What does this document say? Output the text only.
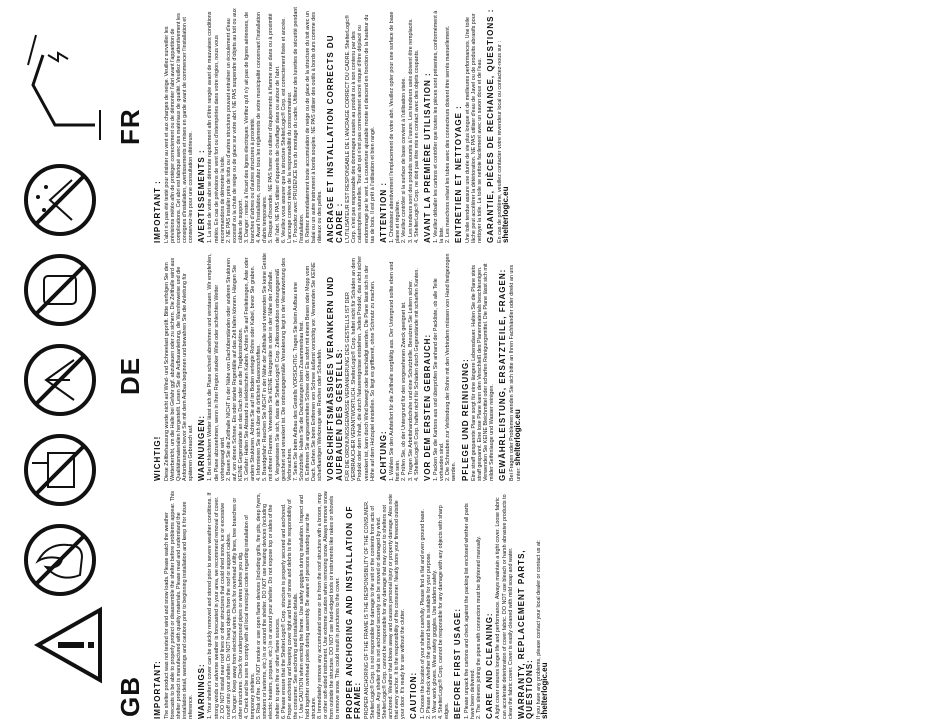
GB
DE
FR
IMPORTANT: The shelter product was not tested for wind and snow loads. Please watch the weather forecasts to be able to properly protect or disassemble the shelter before problems appear. This shelter product is manufactured with quality materials. Please read and understand the installation detail, warnings and cautions prior to beginning installation and keep it for future reference. WARNINGS: 1. Your shelter's cover can be quickly removed and stored prior to severe weather conditions. If strong winds or adverse weather is forecasted in your area, we recommend removal of cover. 2. DO NOT install near roof lines or other structures that could shed snow, ice or excessive runoff onto your shelter. Do NOT hang objects from the roof or support cables. 3. Danger: Keep away from electrical wires. Check for overhead utility lines, tree branches or other structures. Check for underground pipes or wires before you dig. 4. Check and be sure to comply with all local municipal codes regarding installation of temporary shelters. 5. Risk of fire. DO NOT smoke or use open flame devices (including grills, fire pits, deep fryers, smokers or lanterns, etc.) in or around the shelter. DO NOT use heating devices (including electric heaters, propane, etc.) in or around your shelter. Do not expose top or sides of the shelter to open fire or other flame sources. 6. Please ensure that the ShelterLogic® Corp. structure is properly secured and anchored. Proper anchoring and keeping cover tight and free of snow and debris is the responsibility of the consumer. See anchoring and installation details. 7. Use CAUTION when erecting the frame. Use safety goggles during installation. Inspect and hold together overhead poles during assembly. Be aware of persons standing near the structure. 8. Immediately remove any accumulated snow or ice from the roof structure with a broom, mop or other soft-sided instrument. Use extreme caution when removing snow. Always remove snow from outside the structure. DO NOT use hard-edged tools or instruments like rakes or shovels to remove snow. This could result in punctures to the cover. PROPER ANCHORING AND INSTALLATION OF FRAME: PROPER ANCHORING OF THE FRAME IS THE RESPONSIBILITY OF THE CONSUMER. ShelterLogic® Corp. is not responsible for damage to the unit or the contents from acts of nature. Any shelter that is not anchored securely can be moved or damaged by wind. ShelterLogic® Corp. cannot be responsible for any damage that may occur to shelters not anchored. Weather that blows away and causes personal injury or property damage. Also note that every anchor. It is the responsibility of the consumer. Neatly store your firewood outside your door. It's ready for use without the clutter. CAUTION: 1. Choose the location of your shelter carefully. Please find a flat and even ground base. 2. Please check whether the ground base is suitable for your purpose. 3. Wear work gloves. Wear safety goggles. Use ladders safely. 4. ShelterLogic® Corp. cannot be responsible for any damage with any objects with sharp edges. BEFORE FIRST USAGE: 1. Please unpack the cartons and check against the packing list enclosed whether all parts have been delivered. 2. The sleeves joining the pipes with connectors must be tightened manually. CARE AND CLEANING: A light cover ensures longer life and performance. Always maintain a tight cover. Loose fabric can accelerate deterioration of cover fabric. DO NOT use bleach or harsh abrasive products to clean the fabric cover. Cover is easily cleaned with mild soap and water. WARRANTY, REPLACEMENT PARTS, QUESTIONS: If you have any problems, please contact your local dealer or contact us at: shelterlogic.eu

WICHTIG! Diese Zeltbehausung wurde nicht auf Wind- und Schneelast geprüft. Bitte verfolgen Sie den Wetterbericht, um die Halle bei Gefahr ggf. abzubauen oder zu sichern. Die Zelthalle wird aus Qualitätsmaterialien hergestellt. Lesen Sie die Aufbauanleitung, die Warnhinweise und die Anforderungen bevor Sie mit dem Aufbau beginnen und bewahren Sie die Anleitung für späteren Gebrauch auf. WARNUNGEN: 1. Bei schlechtem Wetter lässt sich die Plane schnell abnehmen und verstauen. Wir empfehlen, die Plane abzunehmen, wenn in Ihrer Region starker Wind oder schlechtes Wetter vorhergesagt wird. 2. Bauen Sie die Zelthalle NICHT in der Nähe von Dachüberständen oder anderen Strukturen auf, von denen Schnee, Eis oder starke Regenfälle auf das Zelt fallen können. Hängen Sie KEINE Gegenstände an das Dach oder an die Tragkonstruktion. 3. Gefahr: Halten Sie Abstand zu elektrischen Kabeln. Achten Sie auf Freileitungen, Äste oder andere Strukturen. Achten Sie auf im Boden verlegte Rohre oder Kabel, bevor Sie graben. 4. Informieren Sie sich über die örtlichen Bauvorschriften. 5. Brandgefahr: Rauchen Sie NICHT in der Nähe der Zelthalle und verwenden Sie keine Geräte mit offener Flamme. Verwenden Sie KEINE Heizgeräte in oder in der Nähe der Zelthalle. 6. Vergewissern Sie sich, dass die ShelterLogic® Corp. Zeltkonstruktion ordnungsgemäß gesichert und verankert ist. Die ordnungsgemäße Verankerung liegt in der Verantwortung des Verbrauchers. 7. Seien Sie beim Aufbau des Gestells VORSICHTIG. Tragen Sie beim Aufbau eine Schutzbrille. Halten Sie die Dachstangen beim Zusammenbau fest. 8. Entfernen Sie angesammelten Schnee oder Eis sofort mit einem Besen oder Mopp vom Dach. Gehen Sie beim Entfernen von Schnee äußerst vorsichtig vor. Verwenden Sie KEINE scharfkantigen Werkzeuge wie Rechen oder Schaufeln. VORSCHRIFTSMÄSSIGES VERANKERN UND AUFBAUEN DES GESTELLS: FÜR DIE ORDNUNGSGEMÄSSE VERANKERUNG DES GESTELLS IST DER VERBRAUCHER VERANTWORTLICH. ShelterLogic® Corp. haftet nicht für Schäden an dem Produkt oder dem Inhalt, die durch Naturereignisse entstehen. Jedes Produkt, das nicht sicher verankert ist, kann durch Wind bewegt oder beschädigt werden. Die Plane lässt sich in der Höhe auf dem Holzspiel einstellen. So liegt es griffbereit, ohne Schmutz zu machen. ACHTUNG: 1. Wählen Sie den Aufstellort für die Zelthalle sorgfältig aus. Der Untergrund sollte eben und fest sein. 2. Prüfen Sie, ob der Untergrund für den vorgesehenen Zweck geeignet ist. 3. Tragen Sie Arbeitshandschuhe und eine Schutzbrille. Benutzen Sie Leitern sicher. 4. ShelterLogic® Corp. haftet nicht für Schäden durch Gegenstände mit scharfen Kanten. VOR DEM ERSTEN GEBRAUCH: 1. Packen Sie die Kartons aus und überprüfen Sie anhand der Packliste, ob alle Teile vorhanden sind. 2. Die Schrauben zur Verbindung der Rohre mit den Verbindern müssen von Hand festgezogen werden. PFLEGE UND REINIGUNG: Eine straff gespannte Plane sorgt für eine längere Lebensdauer. Halten Sie die Plane stets straff gespannt. Eine lose Plane kann den Verschleiß des Planenmaterials beschleunigen. Verwenden Sie KEINE Bleichmittel oder scharfen Reinigungsmittel. Die Plane lässt sich mit milder Seifenlauge und Wasser reinigen. GEWÄHRLEISTUNG, ERSATZTEILE, FRAGEN: Bei Fragen oder Problemen wenden Sie sich bitte an Ihren Fachhändler oder direkt an uns unter: shelterlogic.eu

IMPORTANT : L'abri n'a pas été testé pour résister au vent et aux charges de neige. Veuillez surveiller les prévisions météo afin de protéger correctement ou de démonter l'abri avant l'apparition de complications. Cet abri est fabriqué avec des matériaux de qualité. Veuillez lire attentivement les consignes d'installation, avertissements et mises en garde avant de commencer l'installation et conservez-les pour une consultation ultérieure. AVERTISSEMENTS : 1. La toile de votre abri se démonte rapidement afin d'être rangée avant de mauvaises conditions météo. En cas de prévisions de vent fort ou d'intempéries dans votre région, nous vous recommandons de démonter la toile. 2. NE PAS installer près de toits ou d'autres structures pouvant entraîner un écoulement d'eau excessif ou la chute de neige ou de glace sur votre abri. NE PAS suspendre d'objets au toit ou aux câbles de support. 3. Danger : restez à l'écart des lignes électriques. Vérifiez qu'il n'y ait pas de lignes aériennes, de branches d'arbres ou d'autres structures à proximité. 4. Avant l'installation, consultez tous les règlements de votre municipalité concernant l'installation d'abris temporaires. 5. Risque d'incendie. NE PAS fumer ou utiliser d'équipements à flamme nue dans ou à proximité de l'abri. NE PAS utiliser d'appareils de chauffage dans ou autour de l'abri. 6. Veuillez vous assurer que la structure ShelterLogic® Corp. est correctement fixée et ancrée. L'ancrage correct relève de la responsabilité du consommateur. 7. Procédez avec PRUDENCE lors du montage du cadre. Utilisez des lunettes de sécurité pendant l'installation. 8. Retirez immédiatement toute accumulation de neige ou de glace de la structure du toit avec un balai ou un autre instrument à bords souples. NE PAS utiliser des outils à bords durs comme des râteaux ou des pelles. ANCRAGE ET INSTALLATION CORRECTS DU CADRE : L'UTILISATEUR EST RESPONSABLE DE L'ANCRAGE CORRECT DU CADRE. ShelterLogic® Corp. n'est pas responsable des dommages causés au produit ou à son contenu par des catastrophes naturelles. Tout abri qui n'est pas correctement ancré risque d'être déplacé ou endommagé par le vent. La couverture ajustable monte et descend en fonction de la hauteur du tas de bois. Il est prêt à l'utilisation et bien rangé. ATTENTION : 1. Choisissez attentivement l'emplacement de votre abri. Veuillez opter pour une surface de base plane et régulière. 2. Veuillez contrôler si la surface de base convient à l'utilisation visée. 3. Les tendeurs sont des produits soumis à l'usure. Les tendeurs usés doivent être remplacés. 4. ShelterLogic® Corp. ne doit pas être mis en contact avec des objets coupants. AVANT LA PREMIÈRE UTILISATION : 1. Veuillez déballer les cartons et contrôler que toutes les pièces sont présentes, conformément à la liste. 2. Les manchons reliant les tubes avec des connecteurs doivent être serrés manuellement. ENTRETIEN ET NETTOYAGE : Une toile tendue assure une durée de vie plus longue et de meilleures performances. Une toile lâche peut accélérer la détérioration. NE PAS utiliser d'eau de Javel ou de produits abrasifs pour nettoyer la toile. La toile se nettoie facilement avec un savon doux et de l'eau. GARANTIE, PIÈCES DE RECHANGE, QUESTIONS : En cas de problème, veuillez contacter votre revendeur local ou contactez-nous sur : shelterlogic.eu
